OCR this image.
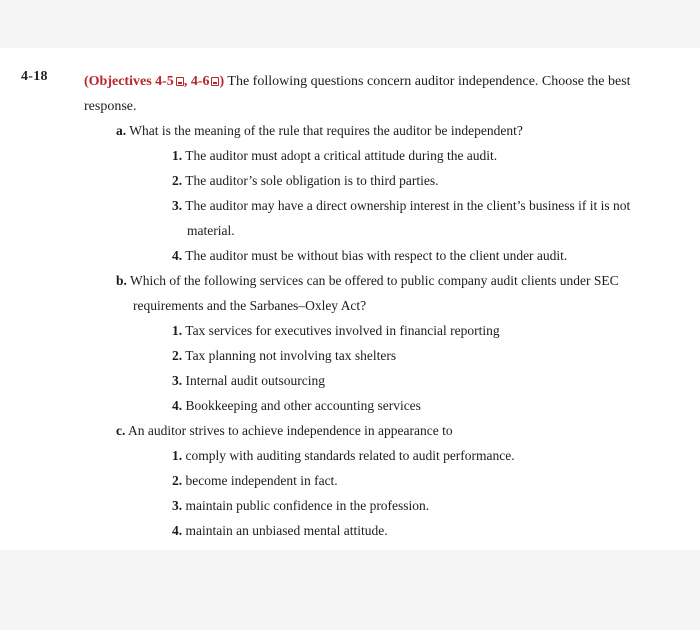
4-18	(Objectives 4-5 , 4-6 ) The following questions concern auditor independence. Choose the best response.
a. What is the meaning of the rule that requires the auditor be independent?
1. The auditor must adopt a critical attitude during the audit.
2. The auditor’s sole obligation is to third parties.
3. The auditor may have a direct ownership interest in the client’s business if it is not material.
4. The auditor must be without bias with respect to the client under audit.
b. Which of the following services can be offered to public company audit clients under SEC requirements and the Sarbanes–Oxley Act?
1. Tax services for executives involved in financial reporting
2. Tax planning not involving tax shelters
3. Internal audit outsourcing
4. Bookkeeping and other accounting services
c. An auditor strives to achieve independence in appearance to
1. comply with auditing standards related to audit performance.
2. become independent in fact.
3. maintain public confidence in the profession.
4. maintain an unbiased mental attitude.
